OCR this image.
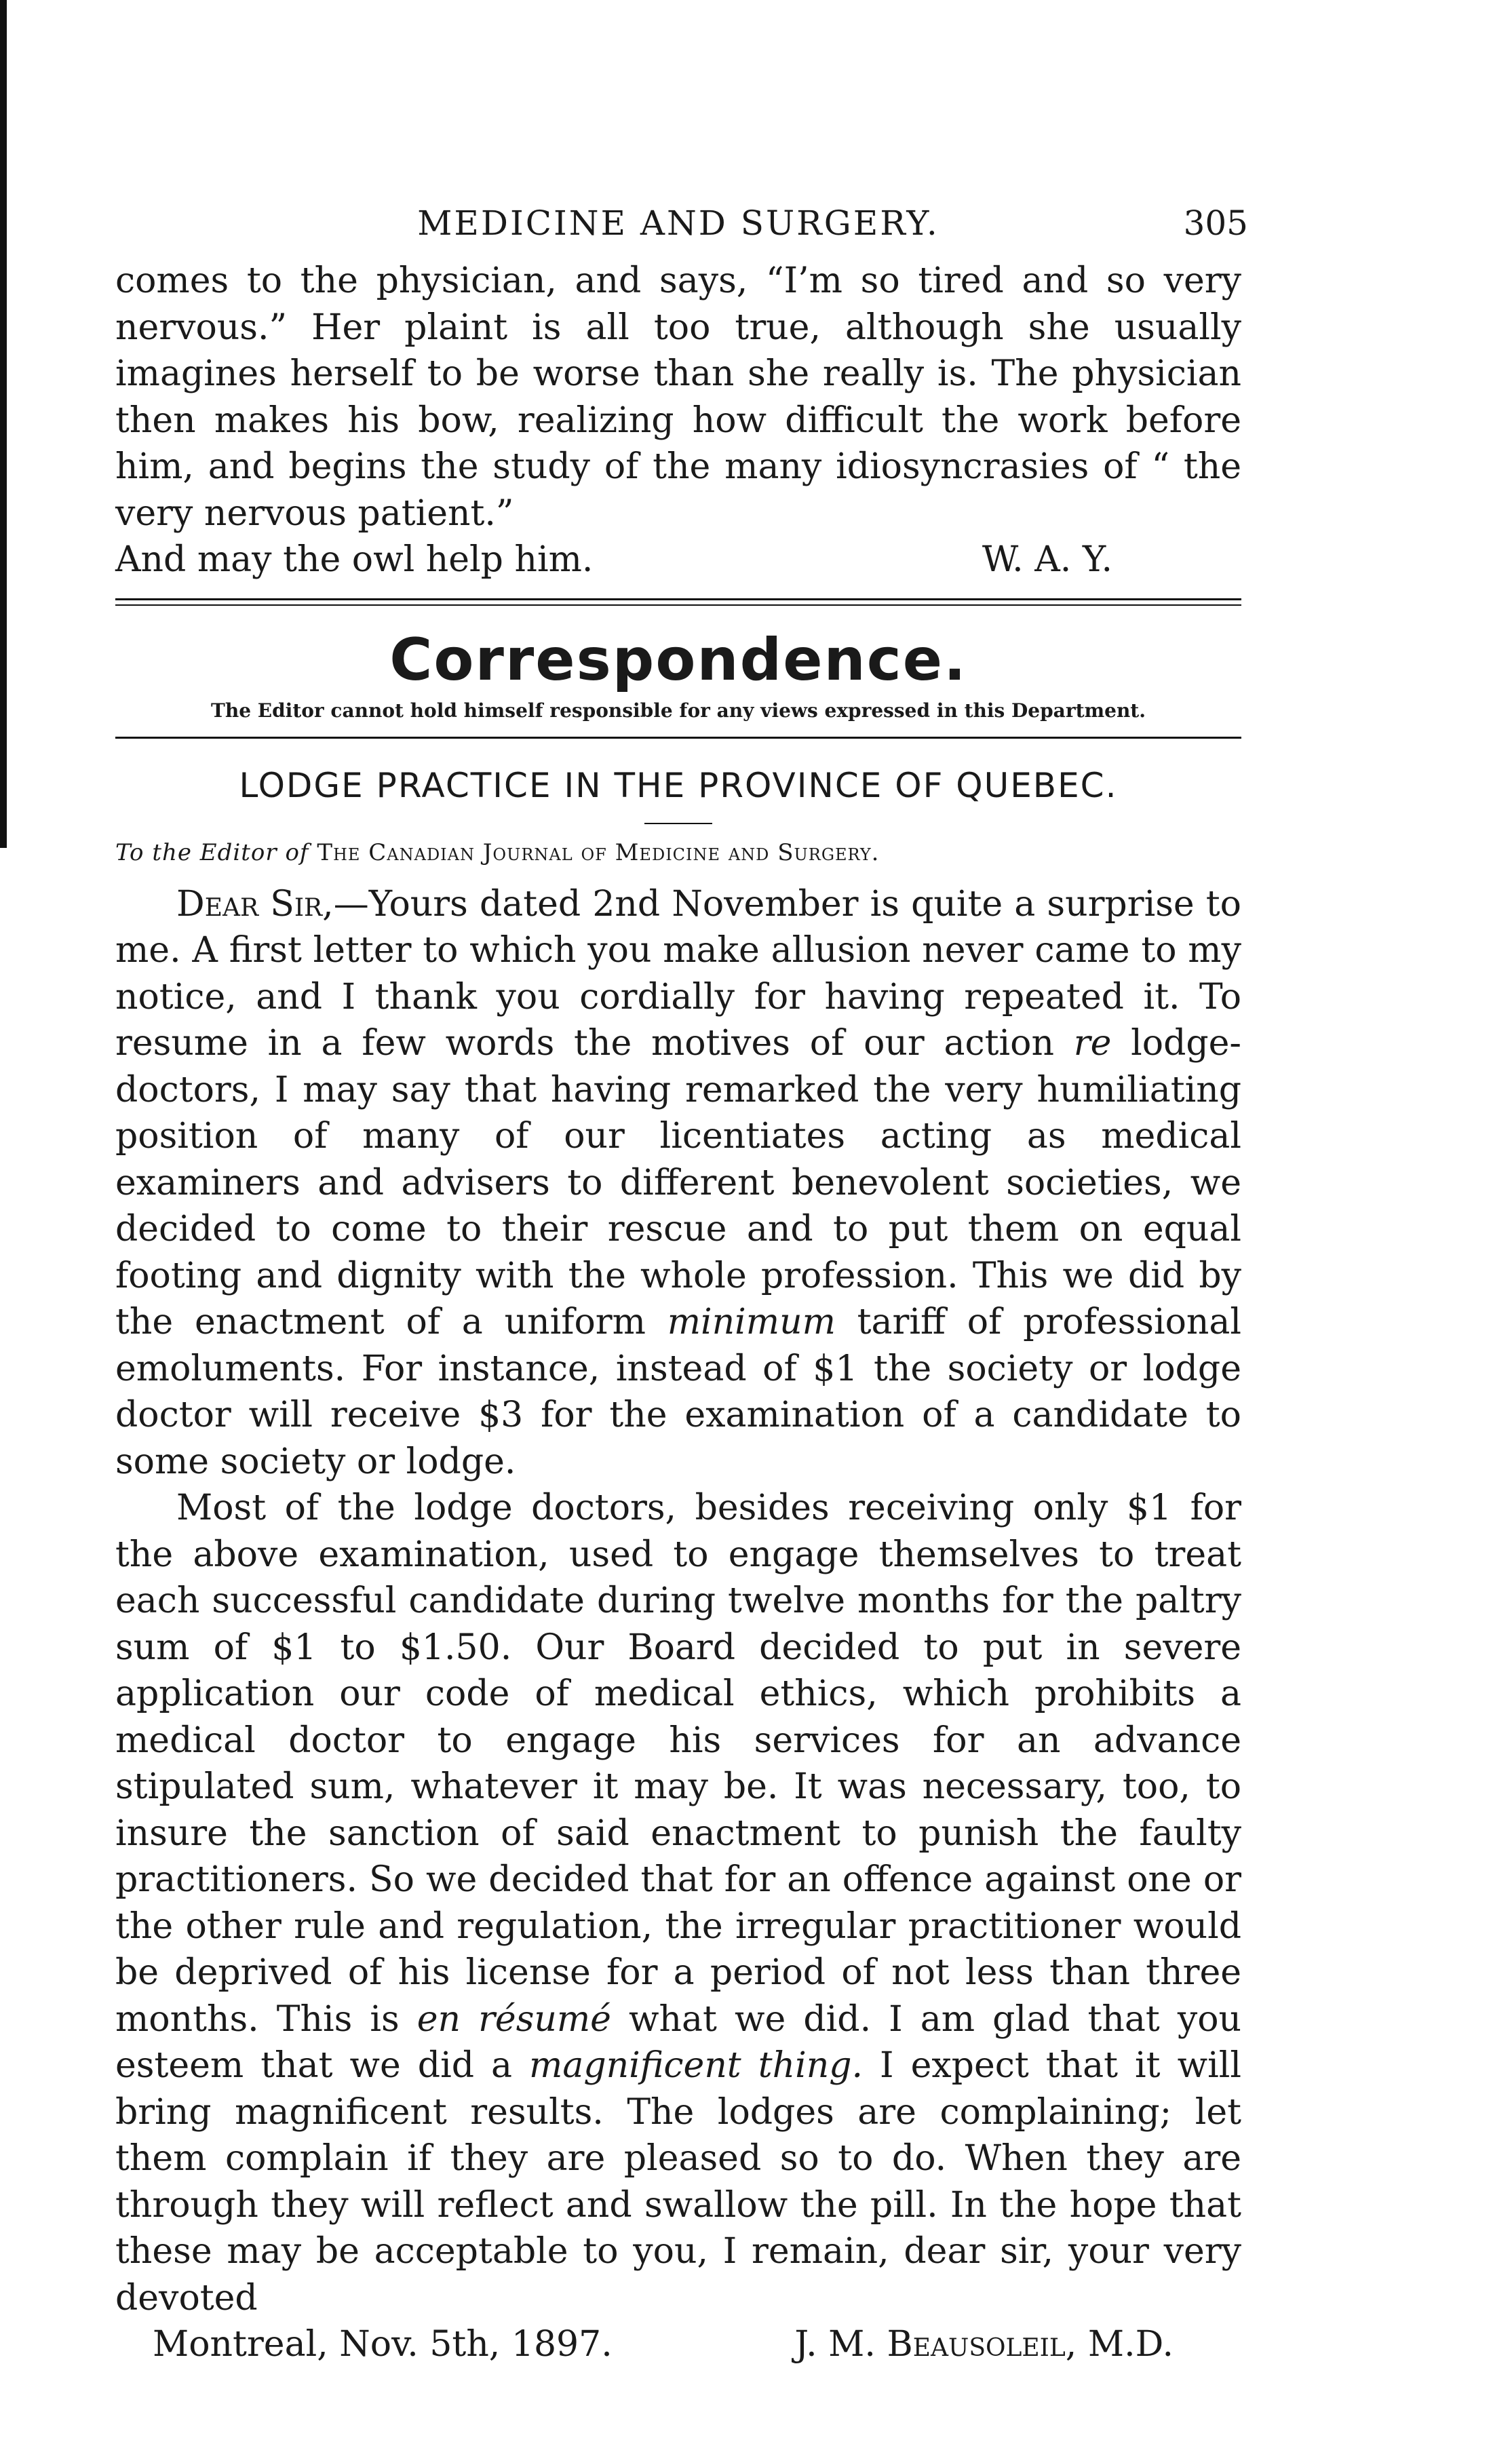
MEDICINE AND SURGERY.	305

comes to the physician, and says, “I’m so tired and so very nervous.” Her plaint is all too true, although she usually imagines herself to be worse than she really is. The physician then makes his bow, realizing how difficult the work before him, and begins the study of the many idiosyncrasies of “ the very nervous patient.”

And may the owl help him.	W. A. Y.
Correspondence.
The Editor cannot hold himself responsible for any views expressed in this Department.
LODGE PRACTICE IN THE PROVINCE OF QUEBEC.
To the Editor of The Canadian Journal of Medicine and Surgery.

Dear Sir,—Yours dated 2nd November is quite a surprise to me. A first letter to which you make allusion never came to my notice, and I thank you cordially for having repeated it. To resume in a few words the motives of our action re lodge-doctors, I may say that having remarked the very humiliating position of many of our licentiates acting as medical examiners and advisers to different benevolent societies, we decided to come to their rescue and to put them on equal footing and dignity with the whole profession. This we did by the enactment of a uniform minimum tariff of professional emoluments. For instance, instead of $1 the society or lodge doctor will receive $3 for the examination of a candidate to some society or lodge.

Most of the lodge doctors, besides receiving only $1 for the above examination, used to engage themselves to treat each successful candidate during twelve months for the paltry sum of $1 to $1.50. Our Board decided to put in severe application our code of medical ethics, which prohibits a medical doctor to engage his services for an advance stipulated sum, whatever it may be. It was necessary, too, to insure the sanction of said enactment to punish the faulty practitioners. So we decided that for an offence against one or the other rule and regulation, the irregular practitioner would be deprived of his license for a period of not less than three months. This is en résumé what we did. I am glad that you esteem that we did a magnificent thing. I expect that it will bring magnificent results. The lodges are complaining; let them complain if they are pleased so to do. When they are through they will reflect and swallow the pill. In the hope that these may be acceptable to you, I remain, dear sir, your very devoted

Montreal, Nov. 5th, 1897.	J. M. Beausoleil, M.D.
